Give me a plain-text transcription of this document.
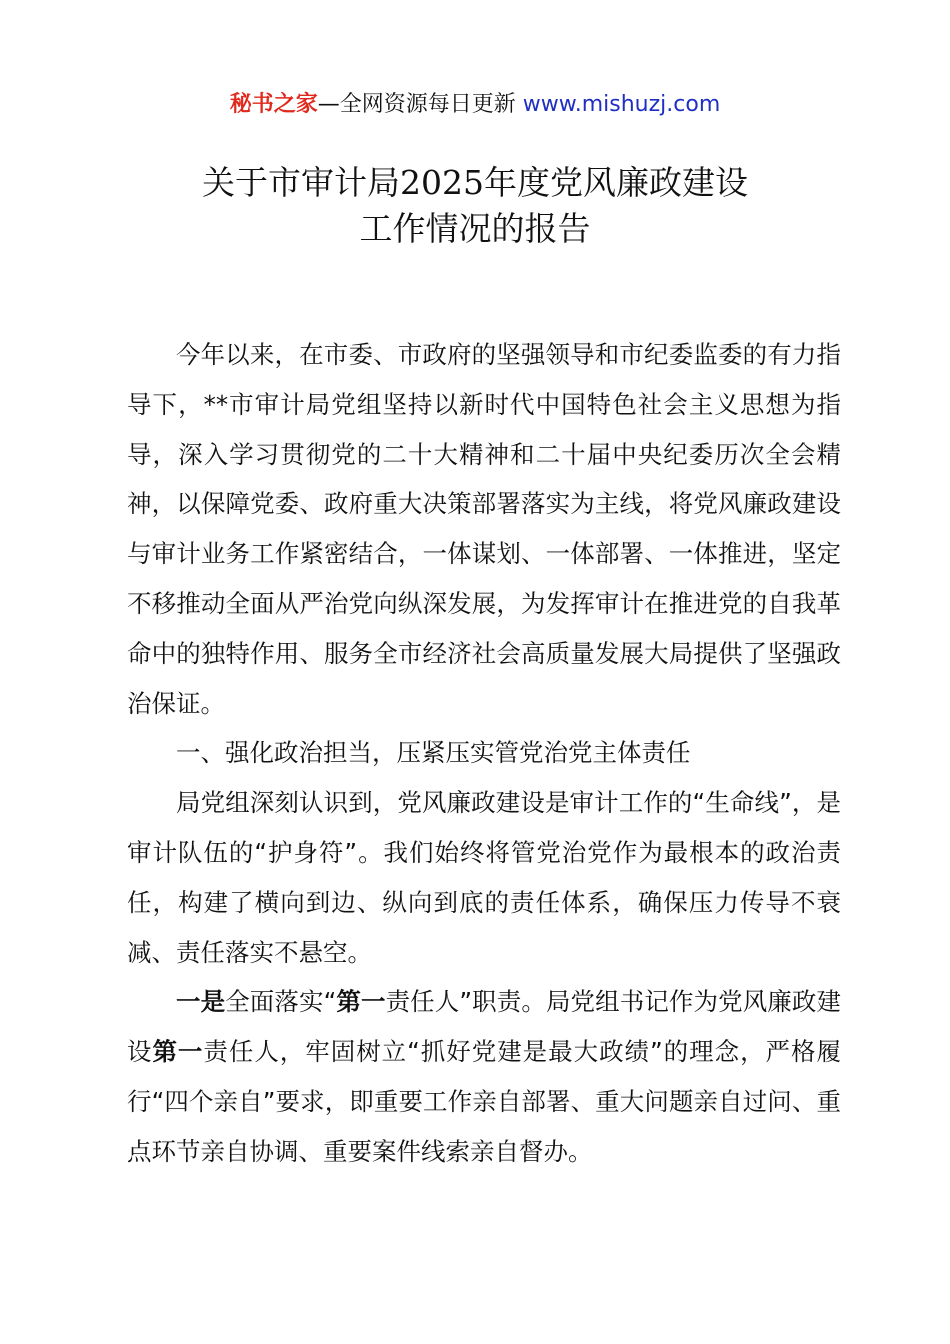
秘书之家—全网资源每日更新 www.mishuzj.com
关于市审计局2025年度党风廉政建设
工作情况的报告

今年以来，在市委、市政府的坚强领导和市纪委监委的有力指导下，**市审计局党组坚持以新时代中国特色社会主义思想为指导，深入学习贯彻党的二十大精神和二十届中央纪委历次全会精神，以保障党委、政府重大决策部署落实为主线，将党风廉政建设与审计业务工作紧密结合，一体谋划、一体部署、一体推进，坚定不移推动全面从严治党向纵深发展，为发挥审计在推进党的自我革命中的独特作用、服务全市经济社会高质量发展大局提供了坚强政治保证。

一、强化政治担当，压紧压实管党治党主体责任

局党组深刻认识到，党风廉政建设是审计工作的“生命线”，是审计队伍的“护身符”。我们始终将管党治党作为最根本的政治责任，构建了横向到边、纵向到底的责任体系，确保压力传导不衰减、责任落实不悬空。

一是全面落实“第一责任人”职责。局党组书记作为党风廉政建设第一责任人，牢固树立“抓好党建是最大政绩”的理念，严格履行“四个亲自”要求，即重要工作亲自部署、重大问题亲自过问、重点环节亲自协调、重要案件线索亲自督办。
